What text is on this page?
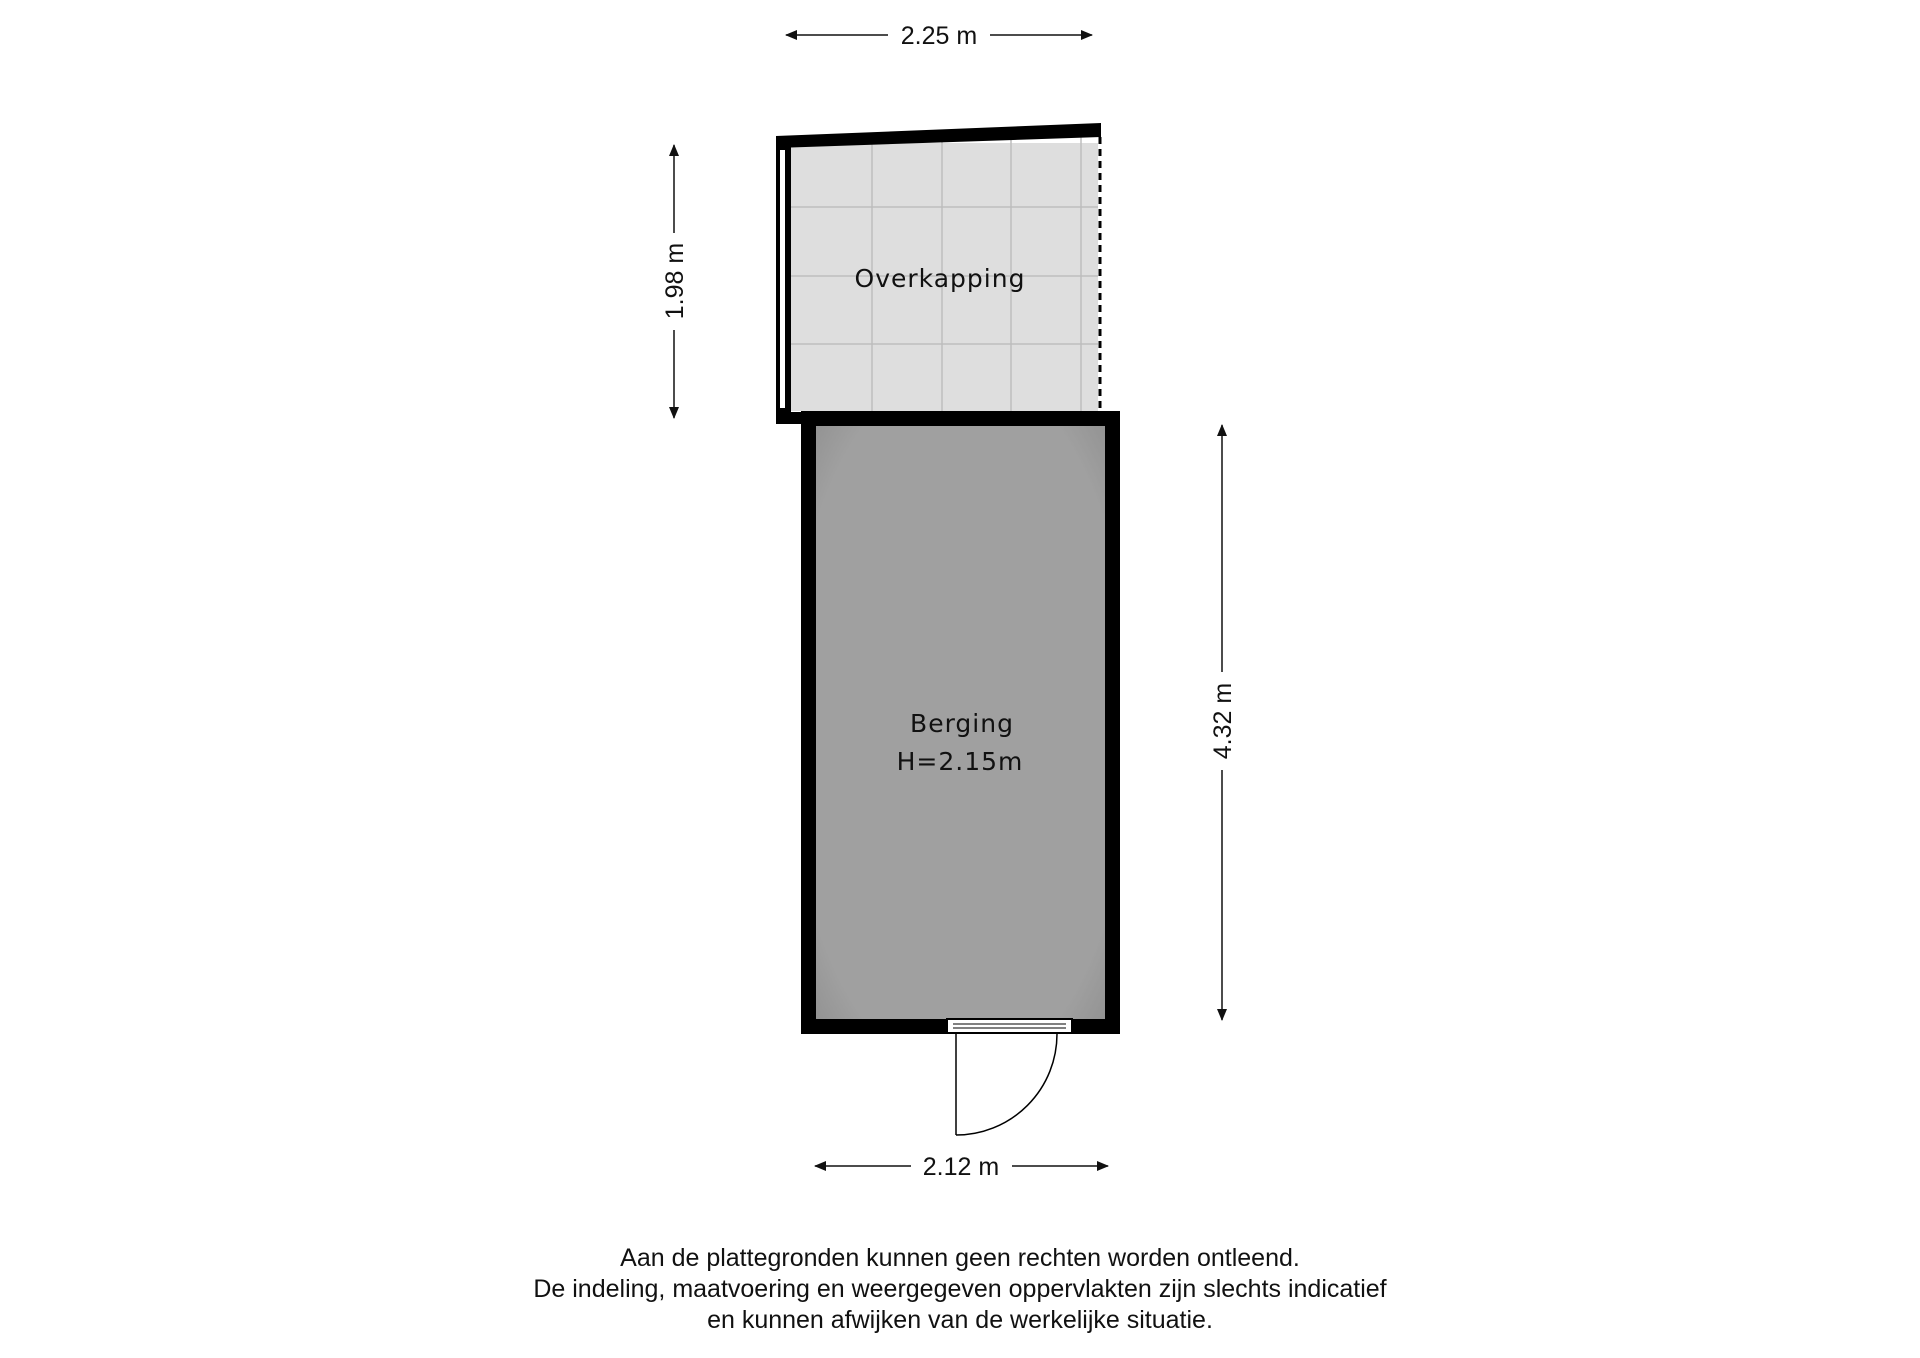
2.25 m
1.98 m
4.32 m
2.12 m
Overkapping
Berging
H=2.15m
Aan de plattegronden kunnen geen rechten worden ontleend.
De indeling, maatvoering en weergegeven oppervlakten zijn slechts indicatief
en kunnen afwijken van de werkelijke situatie.
